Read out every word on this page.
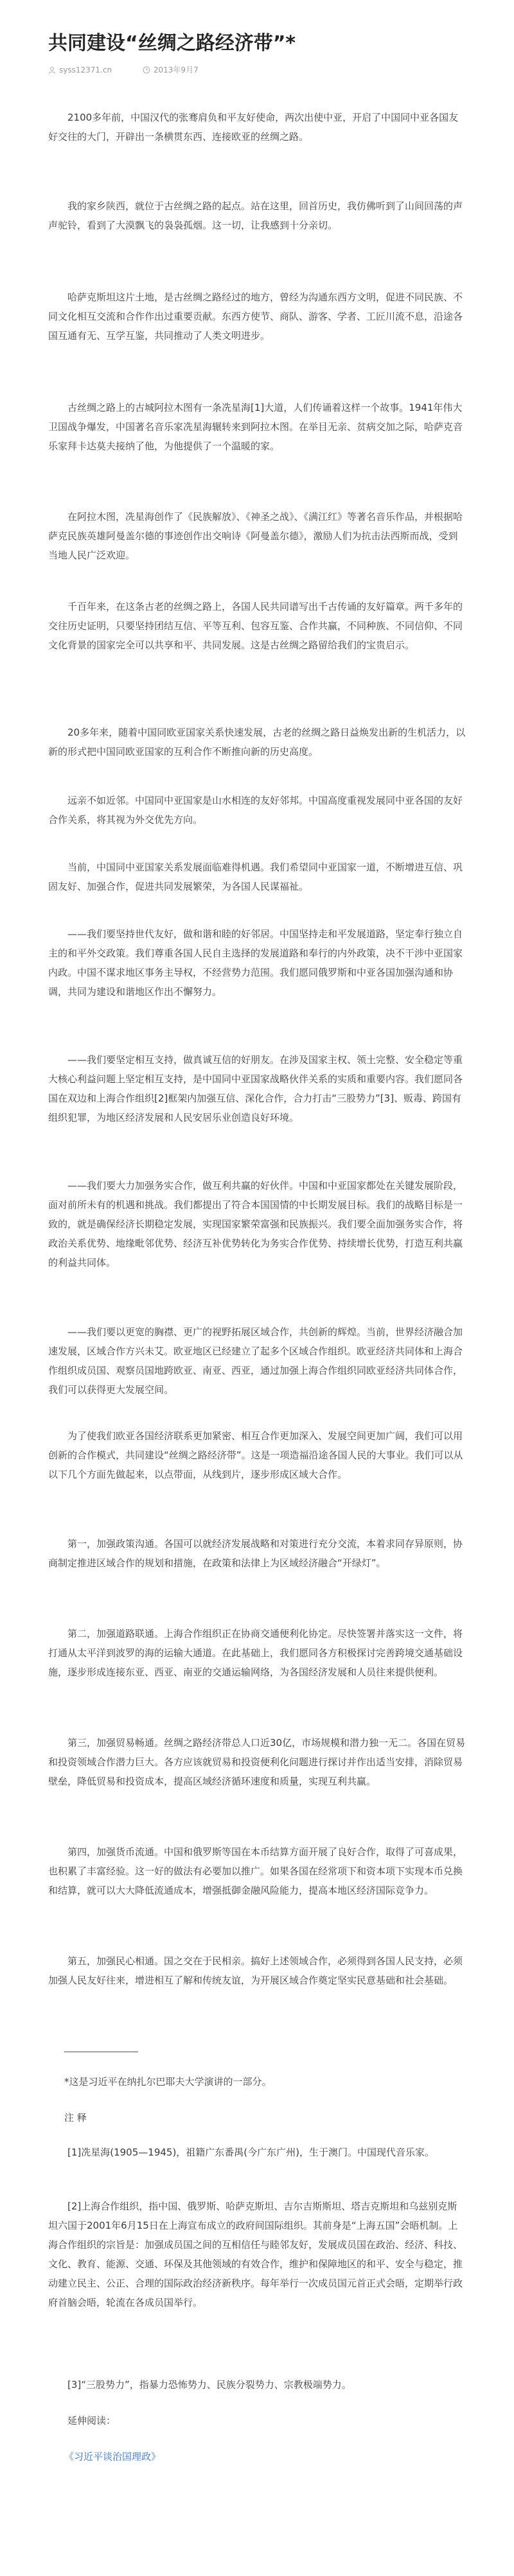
共同建设“丝绸之路经济带”*
syss12371.cn	2013年9月7

2100多年前，中国汉代的张骞肩负和平友好使命，两次出使中亚，开启了中国同中亚各国友好交往的大门，开辟出一条横贯东西、连接欧亚的丝绸之路。

我的家乡陕西，就位于古丝绸之路的起点。站在这里，回首历史，我仿佛听到了山间回荡的声声驼铃，看到了大漠飘飞的袅袅孤烟。这一切，让我感到十分亲切。

哈萨克斯坦这片土地，是古丝绸之路经过的地方，曾经为沟通东西方文明，促进不同民族、不同文化相互交流和合作作出过重要贡献。东西方使节、商队、游客、学者、工匠川流不息，沿途各国互通有无、互学互鉴，共同推动了人类文明进步。

古丝绸之路上的古城阿拉木图有一条冼星海[1]大道，人们传诵着这样一个故事。1941年伟大卫国战争爆发，中国著名音乐家冼星海辗转来到阿拉木图。在举目无亲、贫病交加之际，哈萨克音乐家拜卡达莫夫接纳了他，为他提供了一个温暖的家。

在阿拉木图，冼星海创作了《民族解放》、《神圣之战》、《满江红》等著名音乐作品，并根据哈萨克民族英雄阿曼盖尔德的事迹创作出交响诗《阿曼盖尔德》，激励人们为抗击法西斯而战，受到当地人民广泛欢迎。

千百年来，在这条古老的丝绸之路上，各国人民共同谱写出千古传诵的友好篇章。两千多年的交往历史证明，只要坚持团结互信、平等互利、包容互鉴、合作共赢，不同种族、不同信仰、不同文化背景的国家完全可以共享和平、共同发展。这是古丝绸之路留给我们的宝贵启示。

20多年来，随着中国同欧亚国家关系快速发展，古老的丝绸之路日益焕发出新的生机活力，以新的形式把中国同欧亚国家的互利合作不断推向新的历史高度。

远亲不如近邻。中国同中亚国家是山水相连的友好邻邦。中国高度重视发展同中亚各国的友好合作关系，将其视为外交优先方向。

当前，中国同中亚国家关系发展面临难得机遇。我们希望同中亚国家一道，不断增进互信、巩固友好、加强合作，促进共同发展繁荣，为各国人民谋福祉。

——我们要坚持世代友好，做和谐和睦的好邻居。中国坚持走和平发展道路，坚定奉行独立自主的和平外交政策。我们尊重各国人民自主选择的发展道路和奉行的内外政策，决不干涉中亚国家内政。中国不谋求地区事务主导权，不经营势力范围。我们愿同俄罗斯和中亚各国加强沟通和协调，共同为建设和谐地区作出不懈努力。

——我们要坚定相互支持，做真诚互信的好朋友。在涉及国家主权、领土完整、安全稳定等重大核心利益问题上坚定相互支持，是中国同中亚国家战略伙伴关系的实质和重要内容。我们愿同各国在双边和上海合作组织[2]框架内加强互信、深化合作，合力打击“三股势力”[3]、贩毒、跨国有组织犯罪，为地区经济发展和人民安居乐业创造良好环境。

——我们要大力加强务实合作，做互利共赢的好伙伴。中国和中亚国家都处在关键发展阶段，面对前所未有的机遇和挑战。我们都提出了符合本国国情的中长期发展目标。我们的战略目标是一致的，就是确保经济长期稳定发展，实现国家繁荣富强和民族振兴。我们要全面加强务实合作，将政治关系优势、地缘毗邻优势、经济互补优势转化为务实合作优势、持续增长优势，打造互利共赢的利益共同体。

——我们要以更宽的胸襟、更广的视野拓展区域合作，共创新的辉煌。当前，世界经济融合加速发展，区域合作方兴未艾。欧亚地区已经建立了起多个区域合作组织。欧亚经济共同体和上海合作组织成员国、观察员国地跨欧亚、南亚、西亚，通过加强上海合作组织同欧亚经济共同体合作，我们可以获得更大发展空间。

为了使我们欧亚各国经济联系更加紧密、相互合作更加深入、发展空间更加广阔，我们可以用创新的合作模式，共同建设“丝绸之路经济带”。这是一项造福沿途各国人民的大事业。我们可以从以下几个方面先做起来，以点带面，从线到片，逐步形成区域大合作。

第一，加强政策沟通。各国可以就经济发展战略和对策进行充分交流，本着求同存异原则，协商制定推进区域合作的规划和措施，在政策和法律上为区域经济融合“开绿灯”。

第二，加强道路联通。上海合作组织正在协商交通便利化协定。尽快签署并落实这一文件，将打通从太平洋到波罗的海的运输大通道。在此基础上，我们愿同各方积极探讨完善跨境交通基础设施，逐步形成连接东亚、西亚、南亚的交通运输网络，为各国经济发展和人员往来提供便利。

第三，加强贸易畅通。丝绸之路经济带总人口近30亿，市场规模和潜力独一无二。各国在贸易和投资领域合作潜力巨大。各方应该就贸易和投资便利化问题进行探讨并作出适当安排，消除贸易壁垒，降低贸易和投资成本，提高区域经济循环速度和质量，实现互利共赢。

第四，加强货币流通。中国和俄罗斯等国在本币结算方面开展了良好合作，取得了可喜成果，也积累了丰富经验。这一好的做法有必要加以推广。如果各国在经常项下和资本项下实现本币兑换和结算，就可以大大降低流通成本，增强抵御金融风险能力，提高本地区经济国际竞争力。

第五，加强民心相通。国之交在于民相亲。搞好上述领域合作，必须得到各国人民支持，必须加强人民友好往来，增进相互了解和传统友谊，为开展区域合作奠定坚实民意基础和社会基础。

*这是习近平在纳扎尔巴耶夫大学演讲的一部分。

注 释

[1]冼星海(1905—1945)，祖籍广东番禺(今广东广州)，生于澳门。中国现代音乐家。

[2]上海合作组织，指中国、俄罗斯、哈萨克斯坦、吉尔吉斯斯坦、塔吉克斯坦和乌兹别克斯坦六国于2001年6月15日在上海宣布成立的政府间国际组织。其前身是“上海五国”会晤机制。上海合作组织的宗旨是：加强成员国之间的互相信任与睦邻友好，发展成员国在政治、经济、科技、文化、教育、能源、交通、环保及其他领域的有效合作，维护和保障地区的和平、安全与稳定，推动建立民主、公正、合理的国际政治经济新秩序。每年举行一次成员国元首正式会晤，定期举行政府首脑会晤，轮流在各成员国举行。

[3]“三股势力”，指暴力恐怖势力、民族分裂势力、宗教极端势力。

延伸阅读：

《习近平谈治国理政》
